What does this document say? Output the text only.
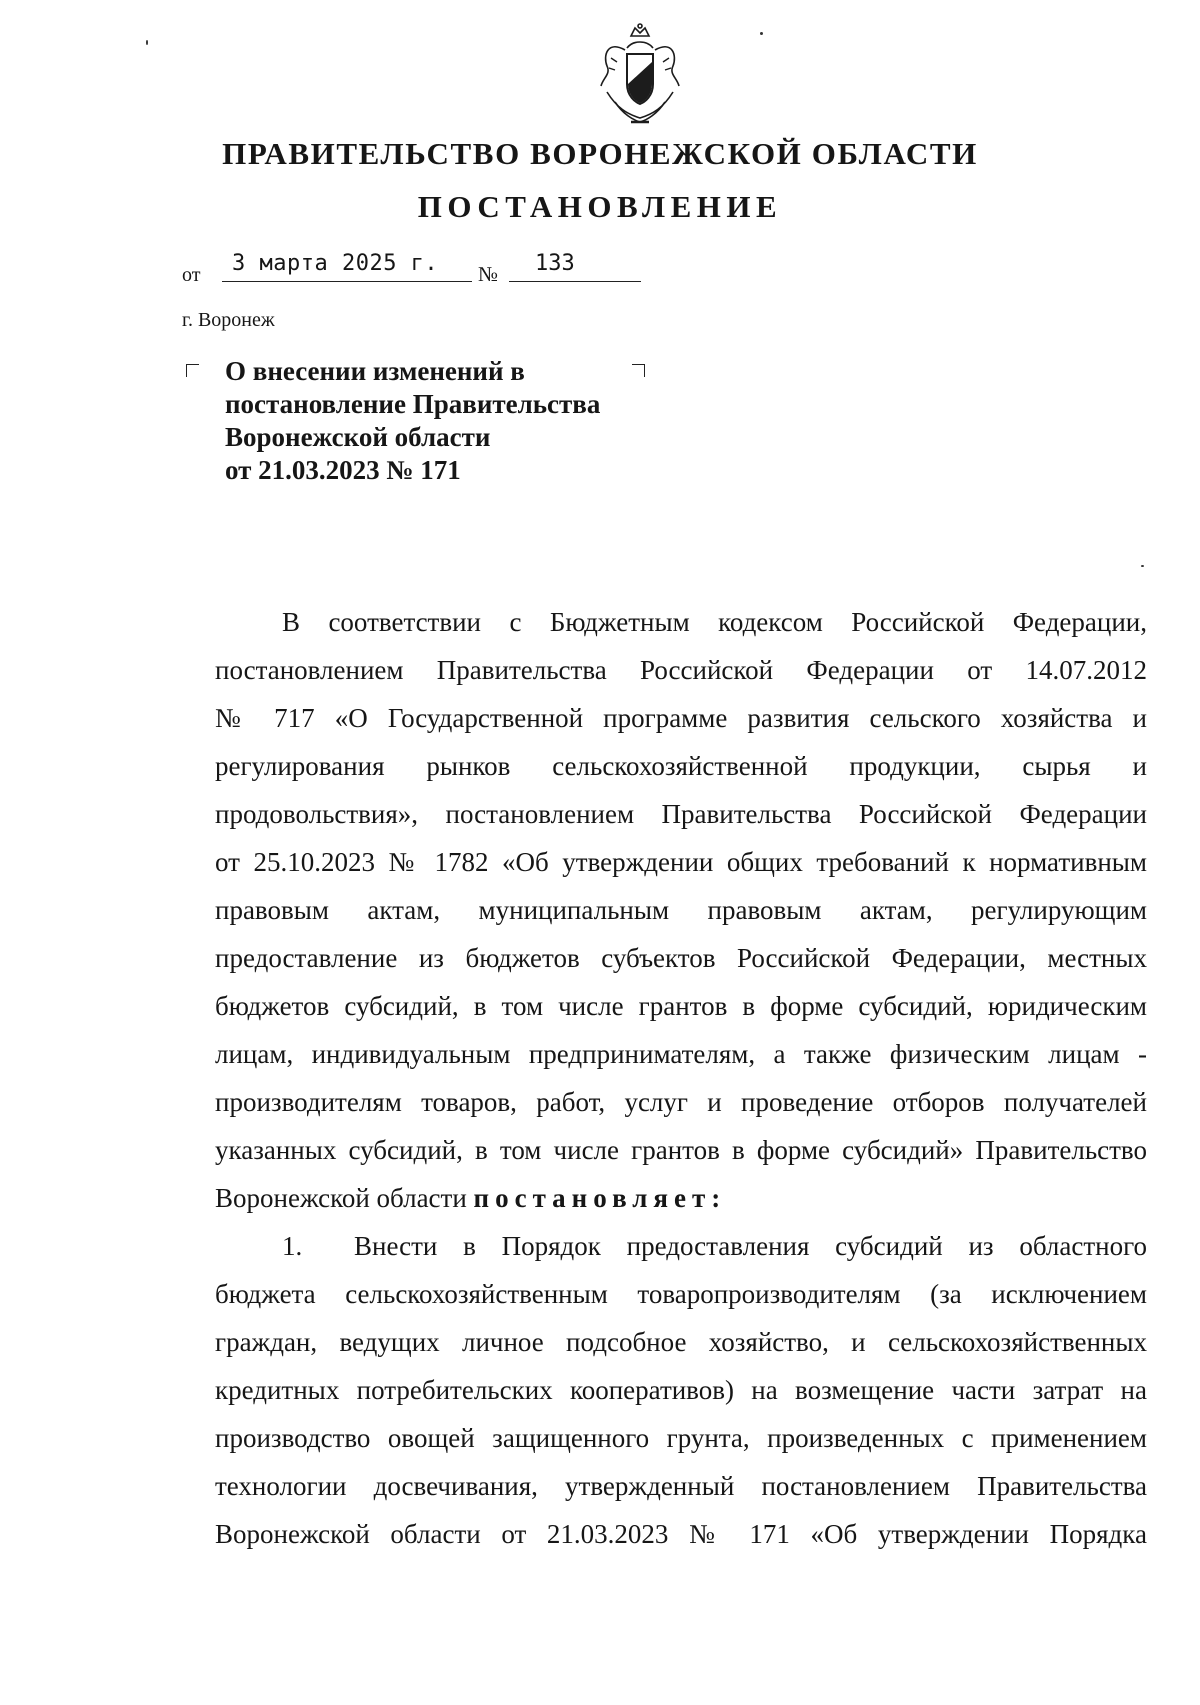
ПРАВИТЕЛЬСТВО ВОРОНЕЖСКОЙ ОБЛАСТИ
ПОСТАНОВЛЕНИЕ
от	3 марта 2025 г.	№	133
г. Воронеж
О внесении изменений в
постановление Правительства
Воронежской области
от 21.03.2023 № 171
В соответствии с Бюджетным кодексом Российской Федерации,
постановлением Правительства Российской Федерации от 14.07.2012
№ 717 «О Государственной программе развития сельского хозяйства и
регулирования рынков сельскохозяйственной продукции, сырья и
продовольствия», постановлением Правительства Российской Федерации
от 25.10.2023 № 1782 «Об утверждении общих требований к нормативным
правовым актам, муниципальным правовым актам, регулирующим
предоставление из бюджетов субъектов Российской Федерации, местных
бюджетов субсидий, в том числе грантов в форме субсидий, юридическим
лицам, индивидуальным предпринимателям, а также физическим лицам -
производителям товаров, работ, услуг и проведение отборов получателей
указанных субсидий, в том числе грантов в форме субсидий» Правительство
Воронежской области постановляет:
1. Внести в Порядок предоставления субсидий из областного
бюджета сельскохозяйственным товаропроизводителям (за исключением
граждан, ведущих личное подсобное хозяйство, и сельскохозяйственных
кредитных потребительских кооперативов) на возмещение части затрат на
производство овощей защищенного грунта, произведенных с применением
технологии досвечивания, утвержденный постановлением Правительства
Воронежской области от 21.03.2023 № 171 «Об утверждении Порядка
